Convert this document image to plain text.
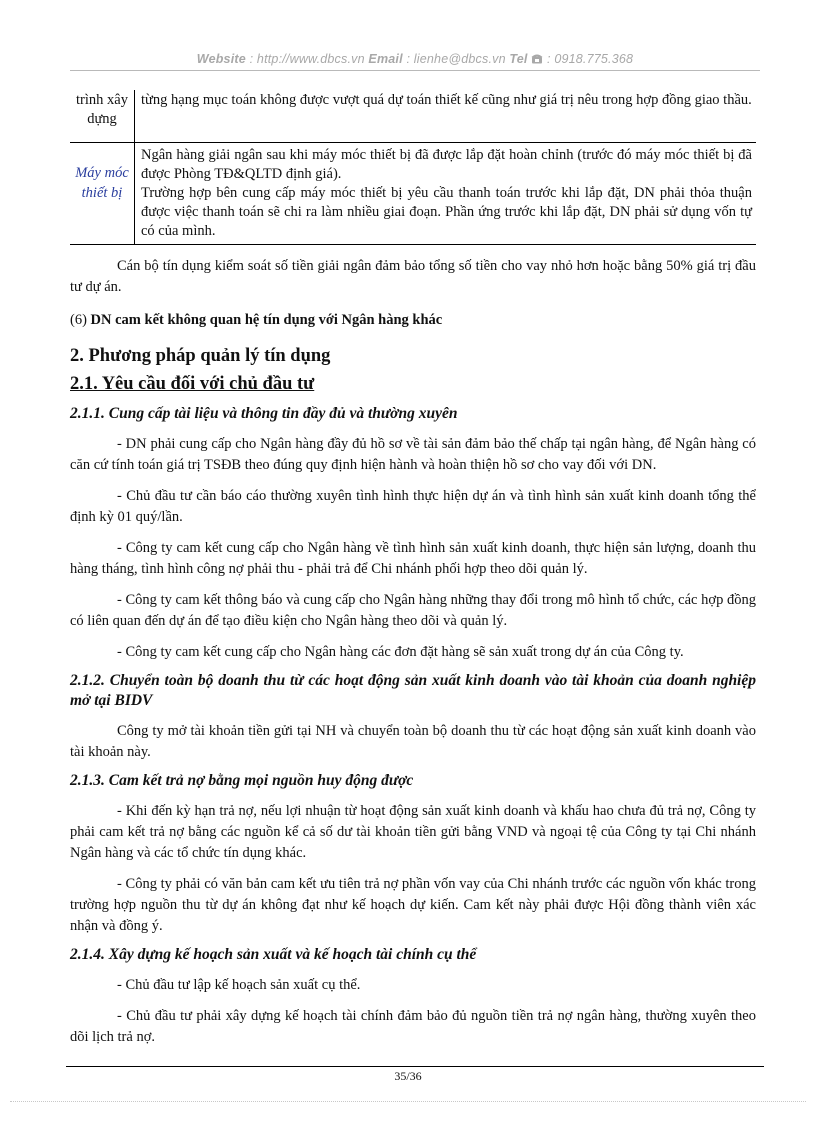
Website : http://www.dbcs.vn Email : lienhe@dbcs.vn Tel  : 0918.775.368
trình xây dựng	từng hạng mục toán không được vượt quá dự toán thiết kế cũng như giá trị nêu trong hợp đồng giao thầu.
Máy móc thiết bị	Ngân hàng giải ngân sau khi máy móc thiết bị đã được lắp đặt hoàn chỉnh (trước đó máy móc thiết bị đã được Phòng TĐ&QLTD định giá).
Trường hợp bên cung cấp máy móc thiết bị yêu cầu thanh toán trước khi lắp đặt, DN phải thỏa thuận được việc thanh toán sẽ chi ra làm nhiều giai đoạn. Phần ứng trước khi lắp đặt, DN phải sử dụng vốn tự có của mình.

Cán bộ tín dụng kiểm soát số tiền giải ngân đảm bảo tổng số tiền cho vay nhỏ hơn hoặc bằng 50% giá trị đầu tư dự án.

(6) DN cam kết không quan hệ tín dụng với Ngân hàng khác

2. Phương pháp quản lý tín dụng
2.1. Yêu cầu đối với chủ đầu tư
2.1.1. Cung cấp tài liệu và thông tin đầy đủ và thường xuyên

- DN phải cung cấp cho Ngân hàng đầy đủ hồ sơ về tài sản đảm bảo thế chấp tại ngân hàng, để Ngân hàng có căn cứ tính toán giá trị TSĐB theo đúng quy định hiện hành và hoàn thiện hồ sơ cho vay đối với DN.

- Chủ đầu tư cần báo cáo thường xuyên tình hình thực hiện dự án và tình hình sản xuất kinh doanh tổng thể định kỳ 01 quý/lần.

- Công ty cam kết cung cấp cho Ngân hàng về tình hình sản xuất kinh doanh, thực hiện sản lượng, doanh thu hàng tháng, tình hình công nợ phải thu - phải trả để Chi nhánh phối hợp theo dõi quản lý.

- Công ty cam kết thông báo và cung cấp cho Ngân hàng những thay đổi trong mô hình tổ chức, các hợp đồng có liên quan đến dự án để tạo điều kiện cho Ngân hàng theo dõi và quản lý.

- Công ty cam kết cung cấp cho Ngân hàng các đơn đặt hàng sẽ sản xuất trong dự án của Công ty.

2.1.2. Chuyển toàn bộ doanh thu từ các hoạt động sản xuất kinh doanh vào tài khoản của doanh nghiệp mở tại BIDV

Công ty mở tài khoản tiền gửi tại NH và chuyển toàn bộ doanh thu từ các hoạt động sản xuất kinh doanh vào tài khoản này.

2.1.3. Cam kết trả nợ bằng mọi nguồn huy động được

- Khi đến kỳ hạn trả nợ, nếu lợi nhuận từ hoạt động sản xuất kinh doanh và khấu hao chưa đủ trả nợ, Công ty phải cam kết trả nợ bằng các nguồn kể cả số dư tài khoản tiền gửi bằng VND và ngoại tệ của Công ty tại Chi nhánh Ngân hàng và các tổ chức tín dụng khác.

- Công ty phải có văn bản cam kết ưu tiên trả nợ phần vốn vay của Chi nhánh trước các nguồn vốn khác trong trường hợp nguồn thu từ dự án không đạt như kế hoạch dự kiến. Cam kết này phải được Hội đồng thành viên xác nhận và đồng ý.

2.1.4. Xây dựng kế hoạch sản xuất và kế hoạch tài chính cụ thể

- Chủ đầu tư lập kế hoạch sản xuất cụ thể.

- Chủ đầu tư phải xây dựng kế hoạch tài chính đảm bảo đủ nguồn tiền trả nợ ngân hàng, thường xuyên theo dõi lịch trả nợ.

35/36
